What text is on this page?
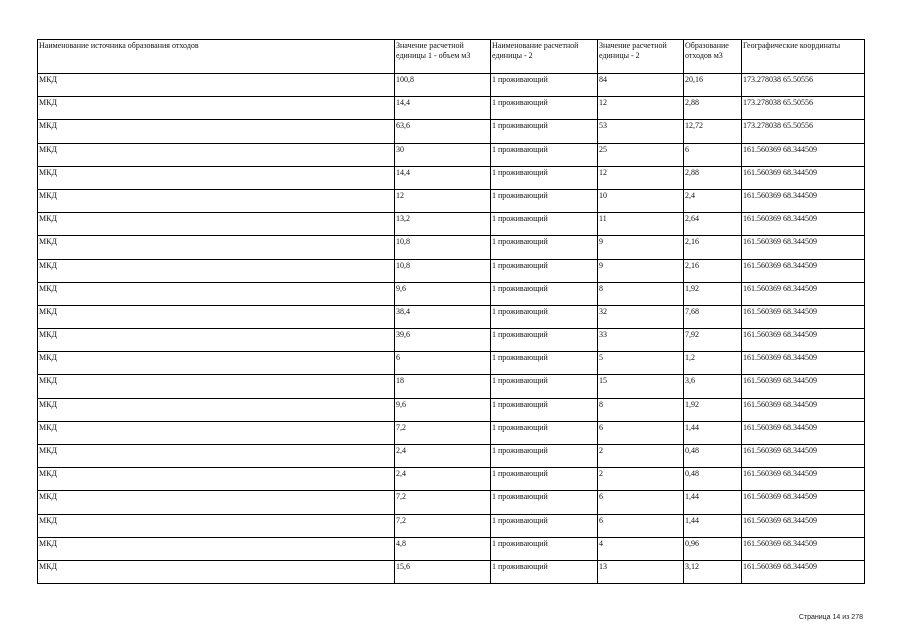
Наименование источника образования отходов	Значение расчетной единицы 1 - объем м3	Наименование расчетной единицы - 2	Значение расчетной единицы - 2	Образование отходов м3	Географические координаты
МКД	100,8	1 проживающий	84	20,16	173.278038 65.50556
МКД	14,4	1 проживающий	12	2,88	173.278038 65.50556
МКД	63,6	1 проживающий	53	12,72	173.278038 65.50556
МКД	30	1 проживающий	25	6	161.560369 68.344509
МКД	14,4	1 проживающий	12	2,88	161.560369 68.344509
МКД	12	1 проживающий	10	2,4	161.560369 68.344509
МКД	13,2	1 проживающий	11	2,64	161.560369 68.344509
МКД	10,8	1 проживающий	9	2,16	161.560369 68.344509
МКД	10,8	1 проживающий	9	2,16	161.560369 68.344509
МКД	9,6	1 проживающий	8	1,92	161.560369 68.344509
МКД	38,4	1 проживающий	32	7,68	161.560369 68.344509
МКД	39,6	1 проживающий	33	7,92	161.560369 68.344509
МКД	6	1 проживающий	5	1,2	161.560369 68.344509
МКД	18	1 проживающий	15	3,6	161.560369 68.344509
МКД	9,6	1 проживающий	8	1,92	161.560369 68.344509
МКД	7,2	1 проживающий	6	1,44	161.560369 68.344509
МКД	2,4	1 проживающий	2	0,48	161.560369 68.344509
МКД	2,4	1 проживающий	2	0,48	161.560369 68.344509
МКД	7,2	1 проживающий	6	1,44	161.560369 68.344509
МКД	7,2	1 проживающий	6	1,44	161.560369 68.344509
МКД	4,8	1 проживающий	4	0,96	161.560369 68.344509
МКД	15,6	1 проживающий	13	3,12	161.560369 68.344509
Страница 14 из 278
